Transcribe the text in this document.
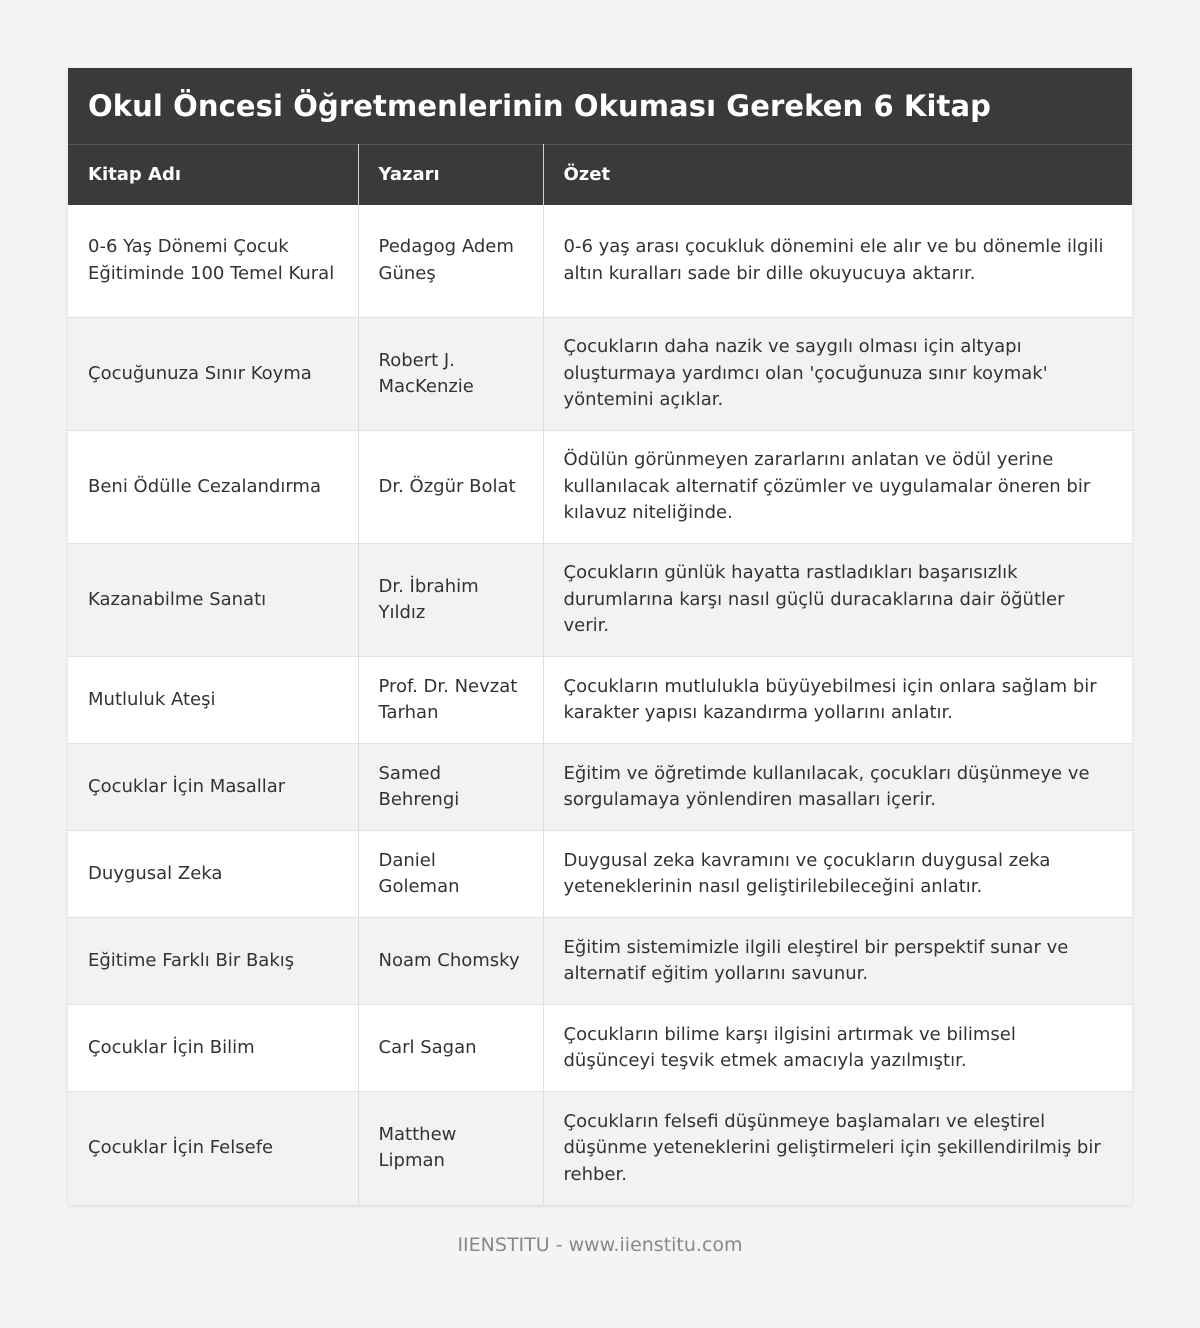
Okul Öncesi Öğretmenlerinin Okuması Gereken 6 Kitap
Kitap Adı	Yazarı	Özet
0-6 Yaş Dönemi Çocuk Eğitiminde 100 Temel Kural	Pedagog Adem Güneş	0-6 yaş arası çocukluk dönemini ele alır ve bu dönemle ilgili altın kuralları sade bir dille okuyucuya aktarır.
Çocuğunuza Sınır Koyma	Robert J. MacKenzie	Çocukların daha nazik ve saygılı olması için altyapı oluşturmaya yardımcı olan 'çocuğunuza sınır koymak' yöntemini açıklar.
Beni Ödülle Cezalandırma	Dr. Özgür Bolat	Ödülün görünmeyen zararlarını anlatan ve ödül yerine kullanılacak alternatif çözümler ve uygulamalar öneren bir kılavuz niteliğinde.
Kazanabilme Sanatı	Dr. İbrahim Yıldız	Çocukların günlük hayatta rastladıkları başarısızlık durumlarına karşı nasıl güçlü duracaklarına dair öğütler verir.
Mutluluk Ateşi	Prof. Dr. Nevzat Tarhan	Çocukların mutlulukla büyüyebilmesi için onlara sağlam bir karakter yapısı kazandırma yollarını anlatır.
Çocuklar İçin Masallar	Samed Behrengi	Eğitim ve öğretimde kullanılacak, çocukları düşünmeye ve sorgulamaya yönlendiren masalları içerir.
Duygusal Zeka	Daniel Goleman	Duygusal zeka kavramını ve çocukların duygusal zeka yeteneklerinin nasıl geliştirilebileceğini anlatır.
Eğitime Farklı Bir Bakış	Noam Chomsky	Eğitim sistemimizle ilgili eleştirel bir perspektif sunar ve alternatif eğitim yollarını savunur.
Çocuklar İçin Bilim	Carl Sagan	Çocukların bilime karşı ilgisini artırmak ve bilimsel düşünceyi teşvik etmek amacıyla yazılmıştır.
Çocuklar İçin Felsefe	Matthew Lipman	Çocukların felsefi düşünmeye başlamaları ve eleştirel düşünme yeteneklerini geliştirmeleri için şekillendirilmiş bir rehber.
IIENSTITU - www.iienstitu.com
